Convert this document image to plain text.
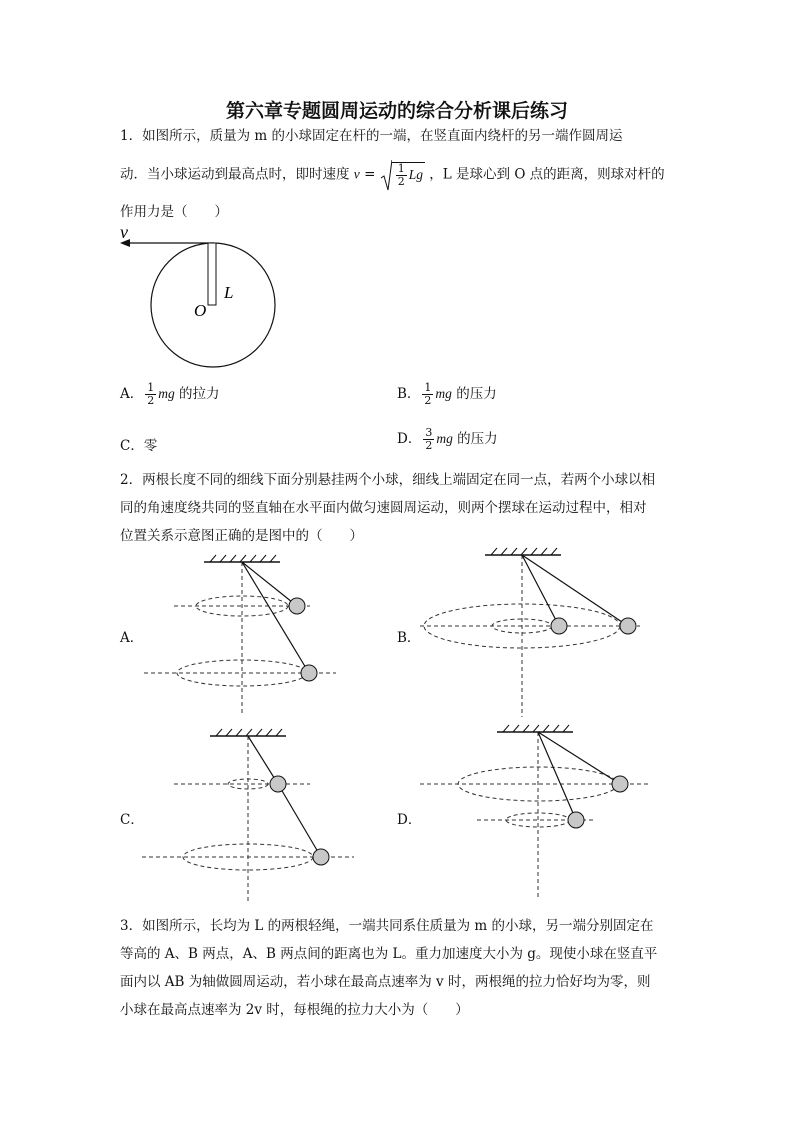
第六章专题圆周运动的综合分析课后练习
1．如图所示，质量为 m 的小球固定在杆的一端，在竖直面内绕杆的另一端作圆周运
动．当小球运动到最高点时，即时速度 $v = \frac{1}{2}$ Lg ，L 是球心到 O 点的距离，则球对杆的
作用力是（　　）
v
O
L
A． $\frac{1}{2}$ mg 的拉力	B． $\frac{1}{2}$ mg 的压力
C．零	D． $\frac{3}{2}$ mg 的压力
2．两根长度不同的细线下面分别悬挂两个小球，细线上端固定在同一点，若两个小球以相
同的角速度绕共同的竖直轴在水平面内做匀速圆周运动，则两个摆球在运动过程中，相对
位置关系示意图正确的是图中的（　　）
A．	B．
C．	D．
3．如图所示，长均为 L 的两根轻绳，一端共同系住质量为 m 的小球，另一端分别固定在
等高的 A、B 两点，A、B 两点间的距离也为 L。重力加速度大小为 g。现使小球在竖直平
面内以 AB 为轴做圆周运动，若小球在最高点速率为 v 时，两根绳的拉力恰好均为零，则
小球在最高点速率为 2v 时，每根绳的拉力大小为（　　）
